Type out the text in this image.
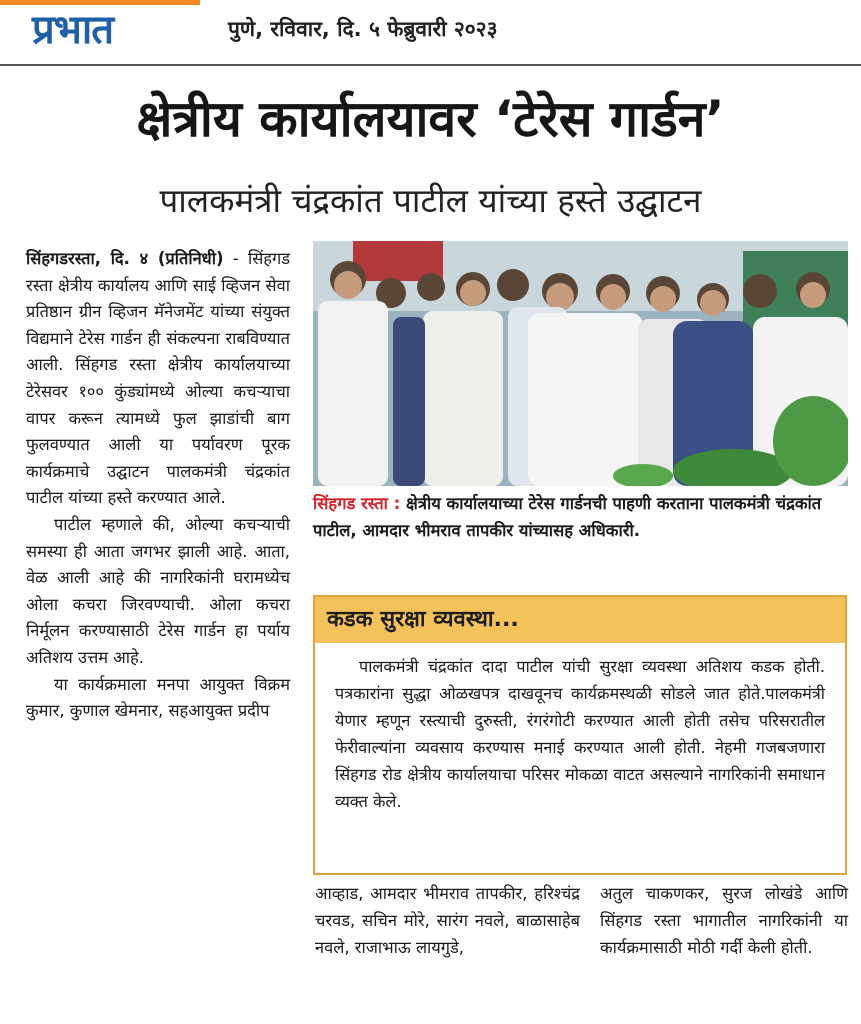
प्रभात	पुणे, रविवार, दि. ५ फेब्रुवारी २०२३
क्षेत्रीय कार्यालयावर ‘टेरेस गार्डन’
पालकमंत्री चंद्रकांत पाटील यांच्या हस्ते उद्घाटन

सिंहगडरस्ता, दि. ४ (प्रतिनिधी) - सिंहगड रस्ता क्षेत्रीय कार्यालय आणि साई व्हिजन सेवा प्रतिष्ठान ग्रीन व्हिजन मॅनेजमेंट यांच्या संयुक्त विद्यमाने टेरेस गार्डन ही संकल्पना राबविण्यात आली. सिंहगड रस्ता क्षेत्रीय कार्यालयाच्या टेरेसवर १०० कुंड्यांमध्ये ओल्या कचऱ्याचा वापर करून त्यामध्ये फुल झाडांची बाग फुलवण्यात आली या पर्यावरण पूरक कार्यक्रमाचे उद्घाटन पालकमंत्री चंद्रकांत पाटील यांच्या हस्ते करण्यात आले.

पाटील म्हणाले की, ओल्या कचऱ्याची समस्या ही आता जगभर झाली आहे. आता, वेळ आली आहे की नागरिकांनी घरामध्येच ओला कचरा जिरवण्याची. ओला कचरा निर्मूलन करण्यासाठी टेरेस गार्डन हा पर्याय अतिशय उत्तम आहे.

या कार्यक्रमाला मनपा आयुक्त विक्रम कुमार, कुणाल खेमनार, सहआयुक्त प्रदीप

सिंहगड रस्ता : क्षेत्रीय कार्यालयाच्या टेरेस गार्डनची पाहणी करताना पालकमंत्री चंद्रकांत पाटील, आमदार भीमराव तापकीर यांच्यासह अधिकारी.
कडक सुरक्षा व्यवस्था...
पालकमंत्री चंद्रकांत दादा पाटील यांची सुरक्षा व्यवस्था अतिशय कडक होती. पत्रकारांना सुद्धा ओळखपत्र दाखवूनच कार्यक्रमस्थळी सोडले जात होते.पालकमंत्री येणार म्हणून रस्त्याची दुरुस्ती, रंगरंगोटी करण्यात आली होती तसेच परिसरातील फेरीवाल्यांना व्यवसाय करण्यास मनाई करण्यात आली होती. नेहमी गजबजणारा सिंहगड रोड क्षेत्रीय कार्यालयाचा परिसर मोकळा वाटत असल्याने नागरिकांनी समाधान व्यक्त केले.
आव्हाड, आमदार भीमराव तापकीर, हरिश्चंद्र चरवड, सचिन मोरे, सारंग नवले, बाळासाहेब नवले, राजाभाऊ लायगुडे,
अतुल चाकणकर, सुरज लोखंडे आणि सिंहगड रस्ता भागातील नागरिकांनी या कार्यक्रमासाठी मोठी गर्दी केली होती.
